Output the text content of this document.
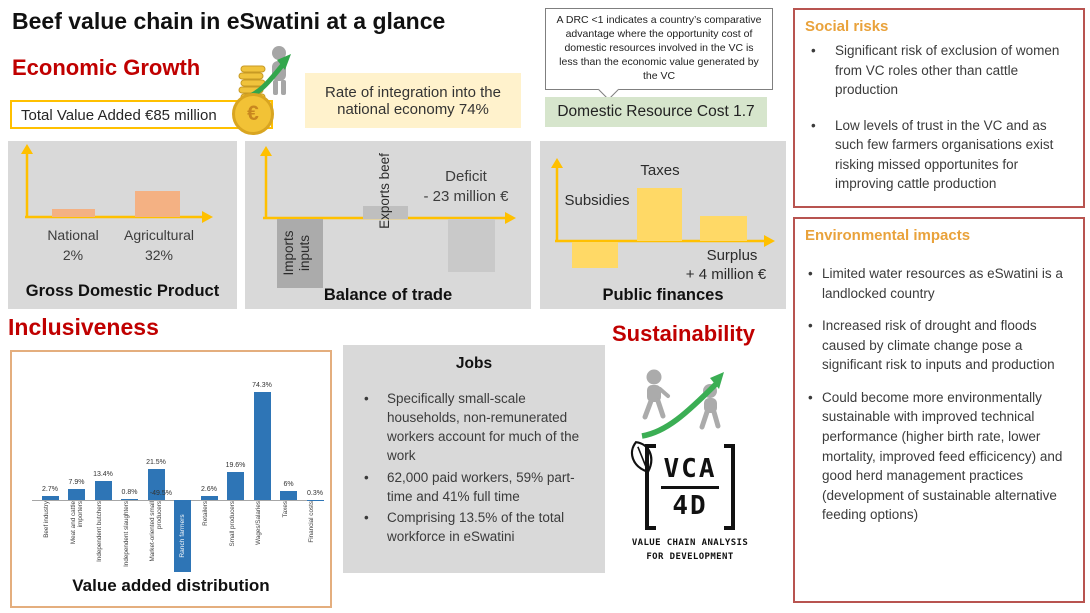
Beef value chain in eSwatini at a glance
Economic Growth
Total Value Added €85 million	€
Rate of integration into the national economy 74%
A DRC <1 indicates a country’s comparative advantage where the opportunity cost of domestic resources involved in the VC is less than the economic value generated by the VC
Domestic Resource Cost 1.7
National
2%
Agricultural
32%
Gross Domestic Product
Imports inputs
Exports beef	Deficit
- 23 million €
Balance of trade
Subsidies
Taxes
Surplus
+ 4 million €
Public finances
Inclusiveness
2.7%
Beef industry
7.9%
Meat and cattle importers
13.4%
Independent butchers
0.8%
Independent slaughters
21.5%
Market-oriented small producers
-49.5%
Ranch farmers
2.6%
Retailers
19.6%
Small producers
74.3%
Wages/Salaries
6%
Taxes
0.3%
Financial costs
Value added distribution
Jobs
• Specifically small-scale households, non-remunerated workers account for much of the work
• 62,000 paid workers, 59% part-time and 41% full time
• Comprising 13.5% of the total workforce in eSwatini
Sustainability
VCA
4D
VALUE CHAIN ANALYSIS
FOR DEVELOPMENT
Social risks
• Significant risk of exclusion of women from VC roles other than cattle production
• Low levels of trust in the VC and as such few farmers organisations exist risking missed opportunites for improving cattle production
Environmental impacts
• Limited water resources as eSwatini is a landlocked country
• Increased risk of drought and floods caused by climate change pose a significant risk to inputs and production
• Could become more environmentally sustainable with improved technical performance (higher birth rate, lower mortality, improved feed efficicency) and good herd management practices (development of sustainable alternative feeding options)
